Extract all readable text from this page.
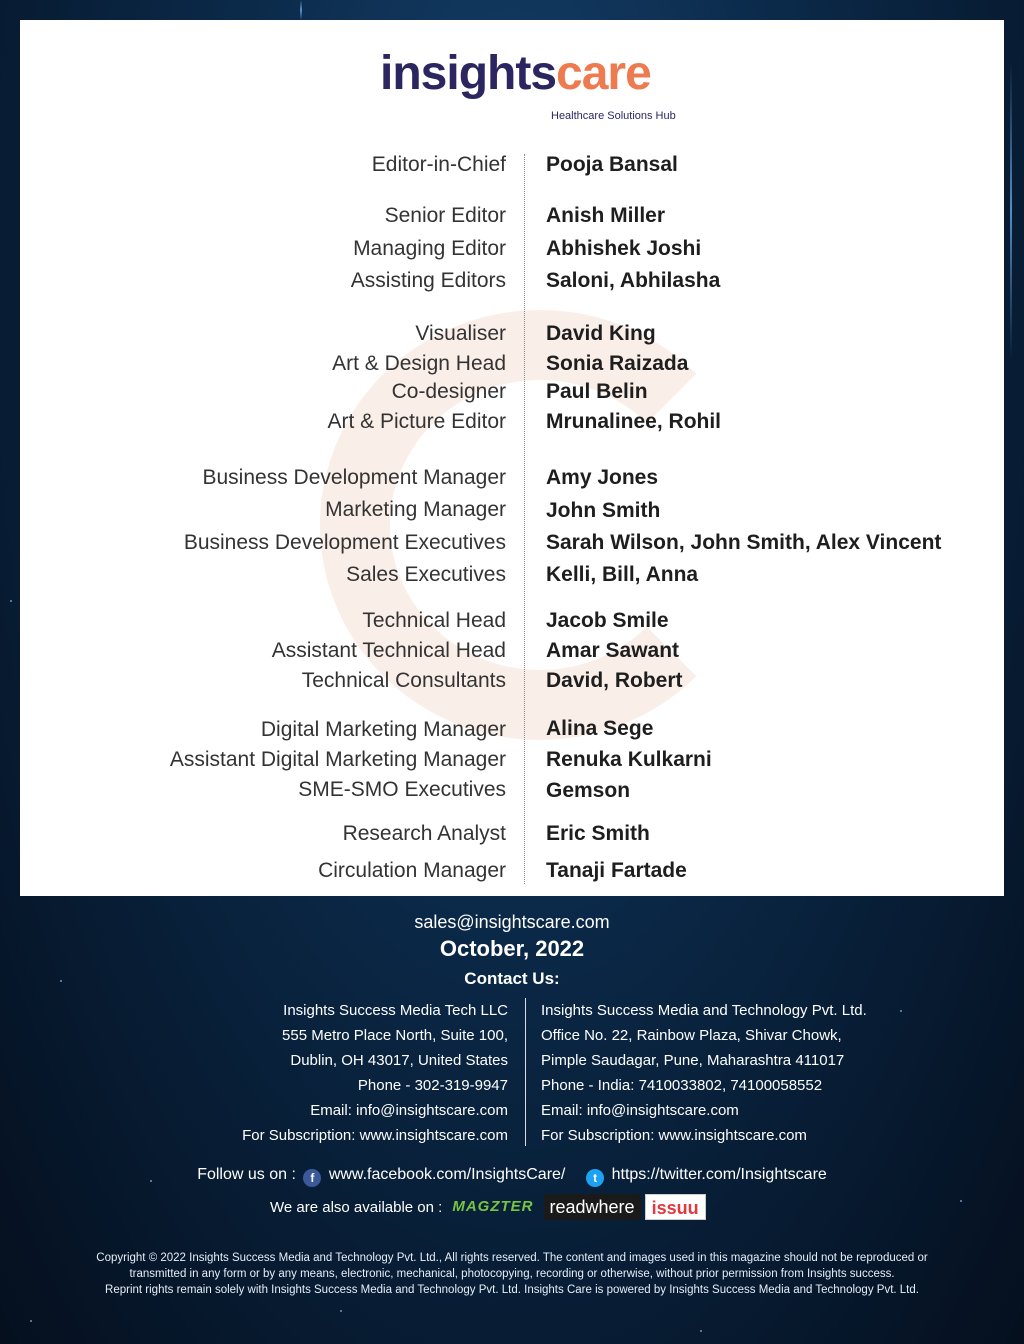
insightscare
Healthcare Solutions Hub
Editor-in-Chief Pooja Bansal
Senior Editor Anish Miller
Managing Editor Abhishek Joshi
Assisting Editors Saloni, Abhilasha
Visualiser David King
Art & Design Head Sonia Raizada
Co-designer Paul Belin
Art & Picture Editor Mrunalinee, Rohil
Business Development Manager Amy Jones
Marketing Manager John Smith
Business Development Executives Sarah Wilson, John Smith, Alex Vincent
Sales Executives Kelli, Bill, Anna
Technical Head Jacob Smile
Assistant Technical Head Amar Sawant
Technical Consultants David, Robert
Digital Marketing Manager Alina Sege
Assistant Digital Marketing Manager Renuka Kulkarni
SME-SMO Executives Gemson
Research Analyst Eric Smith
Circulation Manager Tanaji Fartade
sales@insightscare.com
October, 2022
Contact Us:
Insights Success Media Tech LLC
555 Metro Place North, Suite 100,
Dublin, OH 43017, United States
Phone - 302-319-9947
Email: info@insightscare.com
For Subscription: www.insightscare.com
Insights Success Media and Technology Pvt. Ltd.
Office No. 22, Rainbow Plaza, Shivar Chowk,
Pimple Saudagar, Pune, Maharashtra 411017
Phone - India: 7410033802, 74100058552
Email: info@insightscare.com
For Subscription: www.insightscare.com
Follow us on : f www.facebook.com/InsightsCare/ t https://twitter.com/Insightscare
We are also available on : MAGZTER readwhere issuu
Copyright © 2022 Insights Success Media and Technology Pvt. Ltd., All rights reserved. The content and images used in this magazine should not be reproduced or
transmitted in any form or by any means, electronic, mechanical, photocopying, recording or otherwise, without prior permission from Insights success.
Reprint rights remain solely with Insights Success Media and Technology Pvt. Ltd. Insights Care is powered by Insights Success Media and Technology Pvt. Ltd.
